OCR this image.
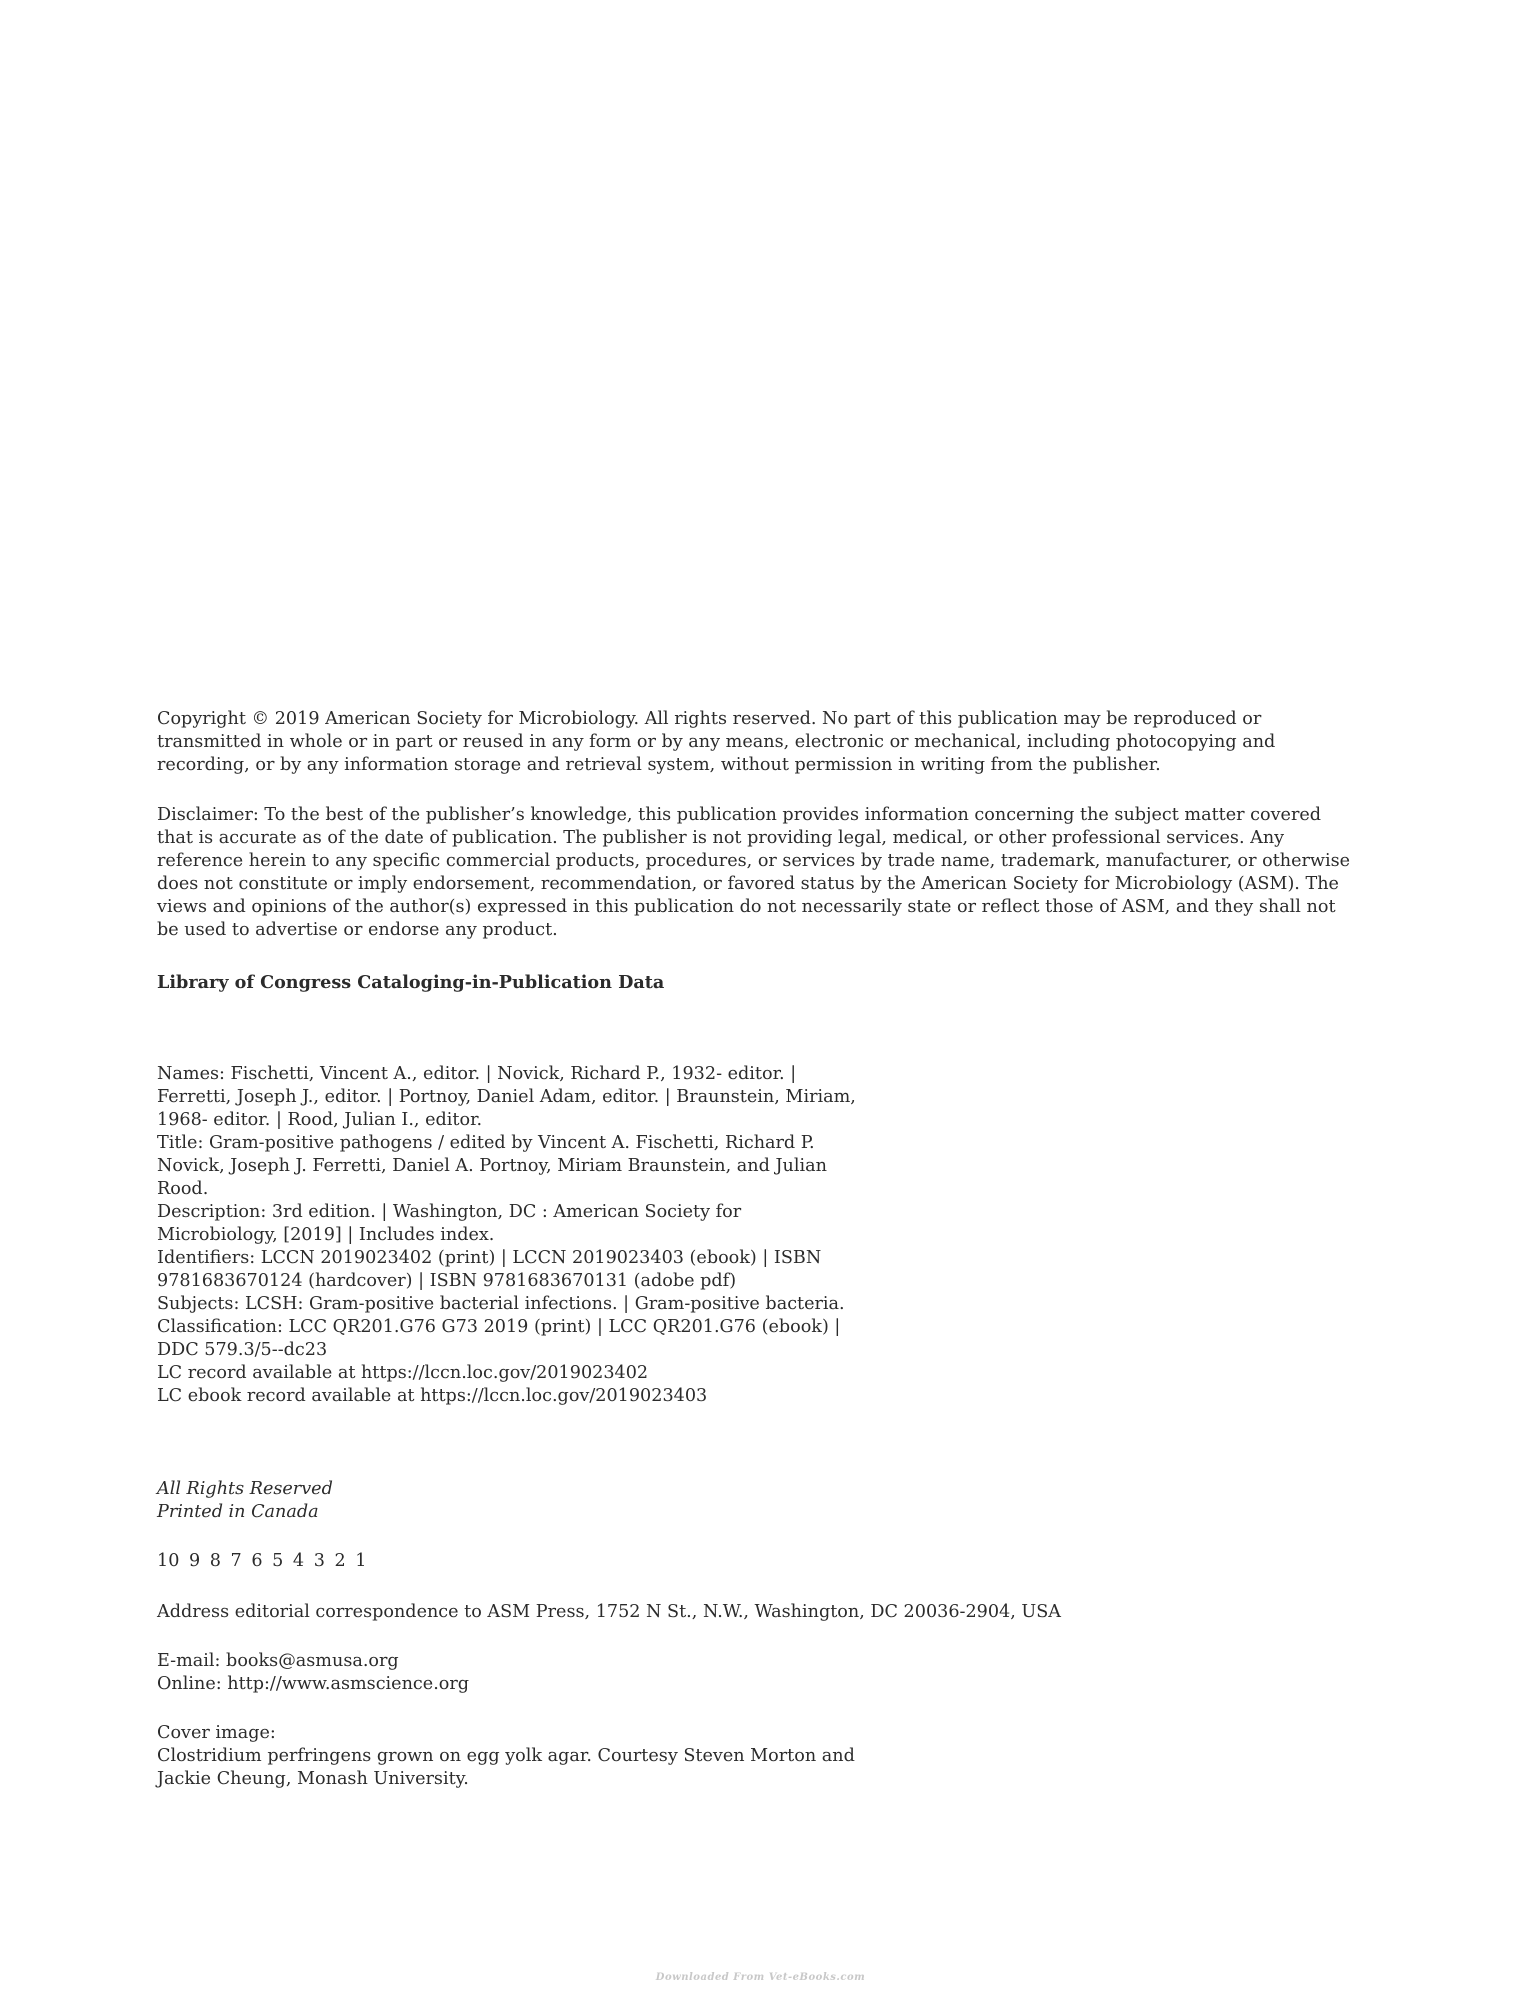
Copyright © 2019 American Society for Microbiology. All rights reserved. No part of this publication may be reproduced or transmitted in whole or in part or reused in any form or by any means, electronic or mechanical, including photocopying and recording, or by any information storage and retrieval system, without permission in writing from the publisher.

Disclaimer: To the best of the publisher’s knowledge, this publication provides information concerning the subject matter covered that is accurate as of the date of publication. The publisher is not providing legal, medical, or other professional services. Any reference herein to any specific commercial products, procedures, or services by trade name, trademark, manufacturer, or otherwise does not constitute or imply endorsement, recommendation, or favored status by the American Society for Microbiology (ASM). The views and opinions of the author(s) expressed in this publication do not necessarily state or reflect those of ASM, and they shall not be used to advertise or endorse any product.

Library of Congress Cataloging-in-Publication Data

Names: Fischetti, Vincent A., editor. | Novick, Richard P., 1932- editor. | Ferretti, Joseph J., editor. | Portnoy, Daniel Adam, editor. | Braunstein, Miriam, 1968- editor. | Rood, Julian I., editor.

Title: Gram-positive pathogens / edited by Vincent A. Fischetti, Richard P. Novick, Joseph J. Ferretti, Daniel A. Portnoy, Miriam Braunstein, and Julian Rood.

Description: 3rd edition. | Washington, DC : American Society for Microbiology, [2019] | Includes index.

Identifiers: LCCN 2019023402 (print) | LCCN 2019023403 (ebook) | ISBN 9781683670124 (hardcover) | ISBN 9781683670131 (adobe pdf)

Subjects: LCSH: Gram-positive bacterial infections. | Gram-positive bacteria.

Classification: LCC QR201.G76 G73 2019 (print) | LCC QR201.G76 (ebook) | DDC 579.3/5--dc23

LC record available at https://lccn.loc.gov/2019023402

LC ebook record available at https://lccn.loc.gov/2019023403

All Rights Reserved
Printed in Canada
10 9 8 7 6 5 4 3 2 1
Address editorial correspondence to ASM Press, 1752 N St., N.W., Washington, DC 20036-2904, USA
E-mail: books@asmusa.org
Online: http://www.asmscience.org
Cover image:
Clostridium perfringens grown on egg yolk agar. Courtesy Steven Morton and
Jackie Cheung, Monash University.
Downloaded From Vet-eBooks.com
